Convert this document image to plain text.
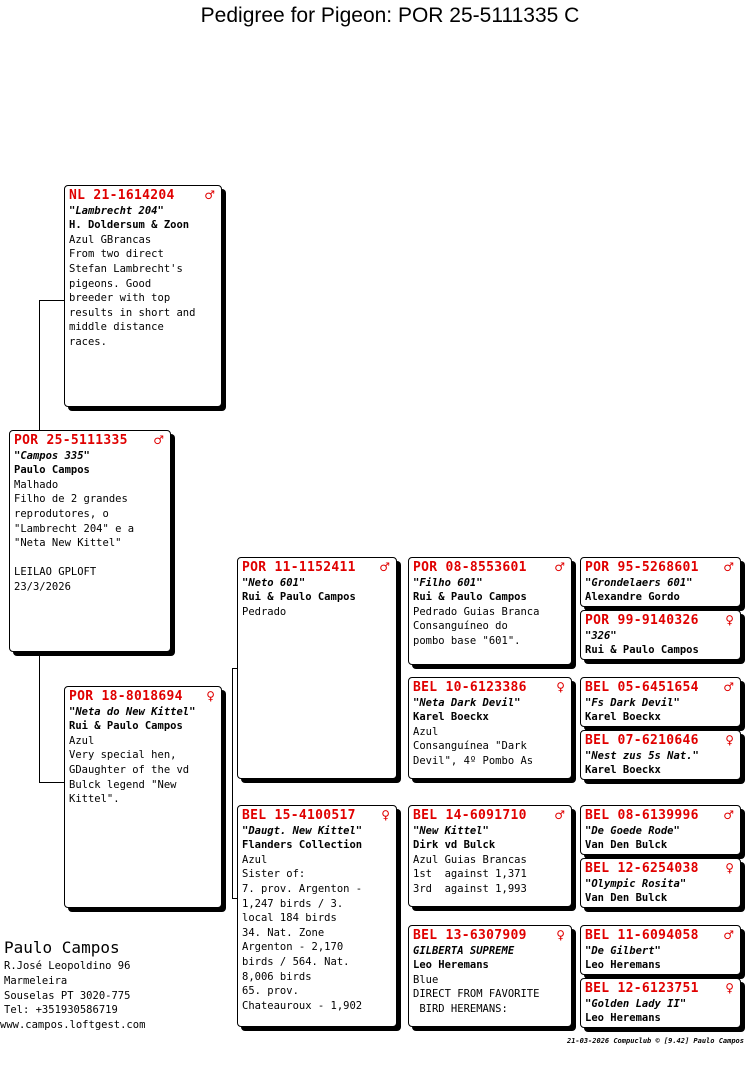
Pedigree for Pigeon: POR 25-5111335 C
POR 25-5111335	♂
"Campos 335"
Paulo Campos
Malhado
Filho de 2 grandes
reprodutores, o
"Lambrecht 204" e a
"Neta New Kittel"

LEILAO GPLOFT
23/3/2026
NL 21-1614204	♂
"Lambrecht 204"
H. Doldersum & Zoon
Azul GBrancas
From two direct
Stefan Lambrecht's
pigeons. Good
breeder with top
results in short and
middle distance
races.
POR 18-8018694	♀
"Neta do New Kittel"
Rui & Paulo Campos
Azul
Very special hen,
GDaughter of the vd
Bulck legend "New
Kittel".
POR 11-1152411	♂
"Neto 601"
Rui & Paulo Campos
Pedrado
BEL 15-4100517	♀
"Daugt. New Kittel"
Flanders Collection
Azul
Sister of:
7. prov. Argenton -
1,247 birds / 3.
local 184 birds
34. Nat. Zone
Argenton - 2,170
birds / 564. Nat.
8,006 birds
65. prov.
Chateauroux - 1,902
POR 08-8553601	♂
"Filho 601"
Rui & Paulo Campos
Pedrado Guias Branca
Consanguíneo do
pombo base "601".
BEL 10-6123386	♀
"Neta Dark Devil"
Karel Boeckx
Azul
Consanguínea "Dark
Devil", 4º Pombo As
BEL 14-6091710	♂
"New Kittel"
Dirk vd Bulck
Azul Guias Brancas
1st  against 1,371
3rd  against 1,993
BEL 13-6307909	♀
GILBERTA SUPREME
Leo Heremans
Blue
DIRECT FROM FAVORITE
BIRD HEREMANS:
POR 95-5268601	♂
"Grondelaers 601"
Alexandre Gordo
POR 99-9140326	♀
"326"
Rui & Paulo Campos
BEL 05-6451654	♂
"Fs Dark Devil"
Karel Boeckx
BEL 07-6210646	♀
"Nest zus 5s Nat."
Karel Boeckx
BEL 08-6139996	♂
"De Goede Rode"
Van Den Bulck
BEL 12-6254038	♀
"Olympic Rosita"
Van Den Bulck
BEL 11-6094058	♂
"De Gilbert"
Leo Heremans
BEL 12-6123751	♀
"Golden Lady II"
Leo Heremans
Paulo Campos
R.José Leopoldino 96
Marmeleira
Souselas PT 3020-775
Tel: +351930586719
www.campos.loftgest.com
21-03-2026 Compuclub © [9.42] Paulo Campos
